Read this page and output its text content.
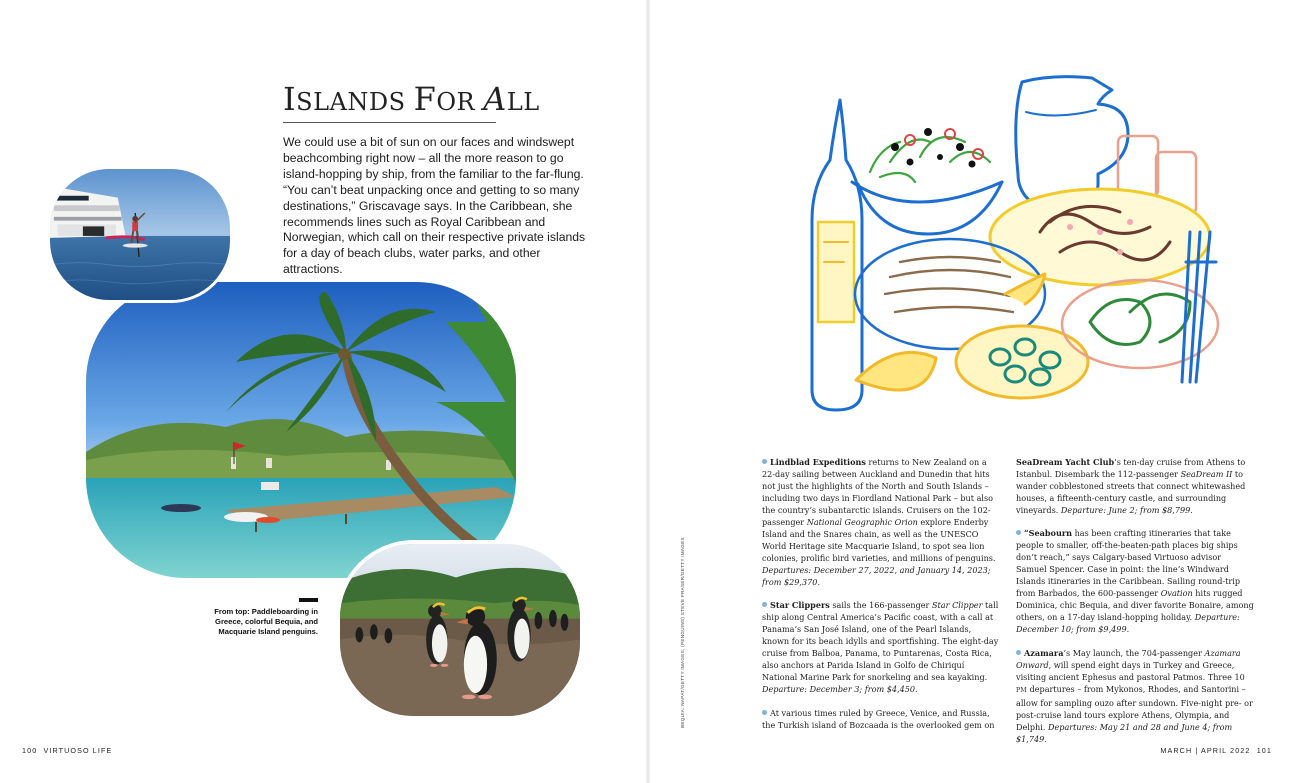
ISLANDS FOR ALL

We could use a bit of sun on our faces and windswept beachcombing right now – all the more reason to go island-hopping by ship, from the familiar to the far-flung. “You can’t beat unpacking once and getting to so many destinations,” Griscavage says. In the Caribbean, she recommends lines such as Royal Caribbean and Norwegian, which call on their respective private islands for a day of beach clubs, water parks, and other attractions.

From top: Paddleboarding in Greece, colorful Bequia, and Macquarie Island penguins.	BEQUIA: NAPAT/GETTY IMAGES; (PENGUINS) STEVE FRASER/GETTY IMAGES

Lindblad Expeditions returns to New Zealand on a 22-day sailing between Auckland and Dunedin that hits not just the highlights of the North and South Islands – including two days in Fiordland National Park – but also the country’s subantarctic islands. Cruisers on the 102-passenger National Geographic Orion explore Enderby Island and the Snares chain, as well as the UNESCO World Heritage site Macquarie Island, to spot sea lion colonies, prolific bird varieties, and millions of penguins. Departures: December 27, 2022, and January 14, 2023; from $29,370.

Star Clippers sails the 166-passenger Star Clipper tall ship along Central America’s Pacific coast, with a call at Panama’s San José Island, one of the Pearl Islands, known for its beach idylls and sportfishing. The eight-day cruise from Balboa, Panama, to Puntarenas, Costa Rica, also anchors at Parida Island in Golfo de Chiriquí National Marine Park for snorkeling and sea kayaking. Departure: December 3; from $4,450.

At various times ruled by Greece, Venice, and Russia, the Turkish island of Bozcaada is the overlooked gem on

SeaDream Yacht Club’s ten-day cruise from Athens to Istanbul. Disembark the 112-passenger SeaDream II to wander cobblestoned streets that connect whitewashed houses, a fifteenth-century castle, and surrounding vineyards. Departure: June 2; from $8,799.

“Seabourn has been crafting itineraries that take people to smaller, off-the-beaten-path places big ships don’t reach,” says Calgary-based Virtuoso advisor Samuel Spencer. Case in point: the line’s Windward Islands itineraries in the Caribbean. Sailing round-trip from Barbados, the 600-passenger Ovation hits rugged Dominica, chic Bequia, and diver favorite Bonaire, among others, on a 17-day island-hopping holiday. Departure: December 10; from $9,499.

Azamara’s May launch, the 704-passenger Azamara Onward, will spend eight days in Turkey and Greece, visiting ancient Ephesus and pastoral Patmos. Three 10 PM departures – from Mykonos, Rhodes, and Santorini – allow for sampling ouzo after sundown. Five-night pre- or post-cruise land tours explore Athens, Olympia, and Delphi. Departures: May 21 and 28 and June 4; from $1,749.

100 VIRTUOSO LIFE	MARCH | APRIL 2022 101
